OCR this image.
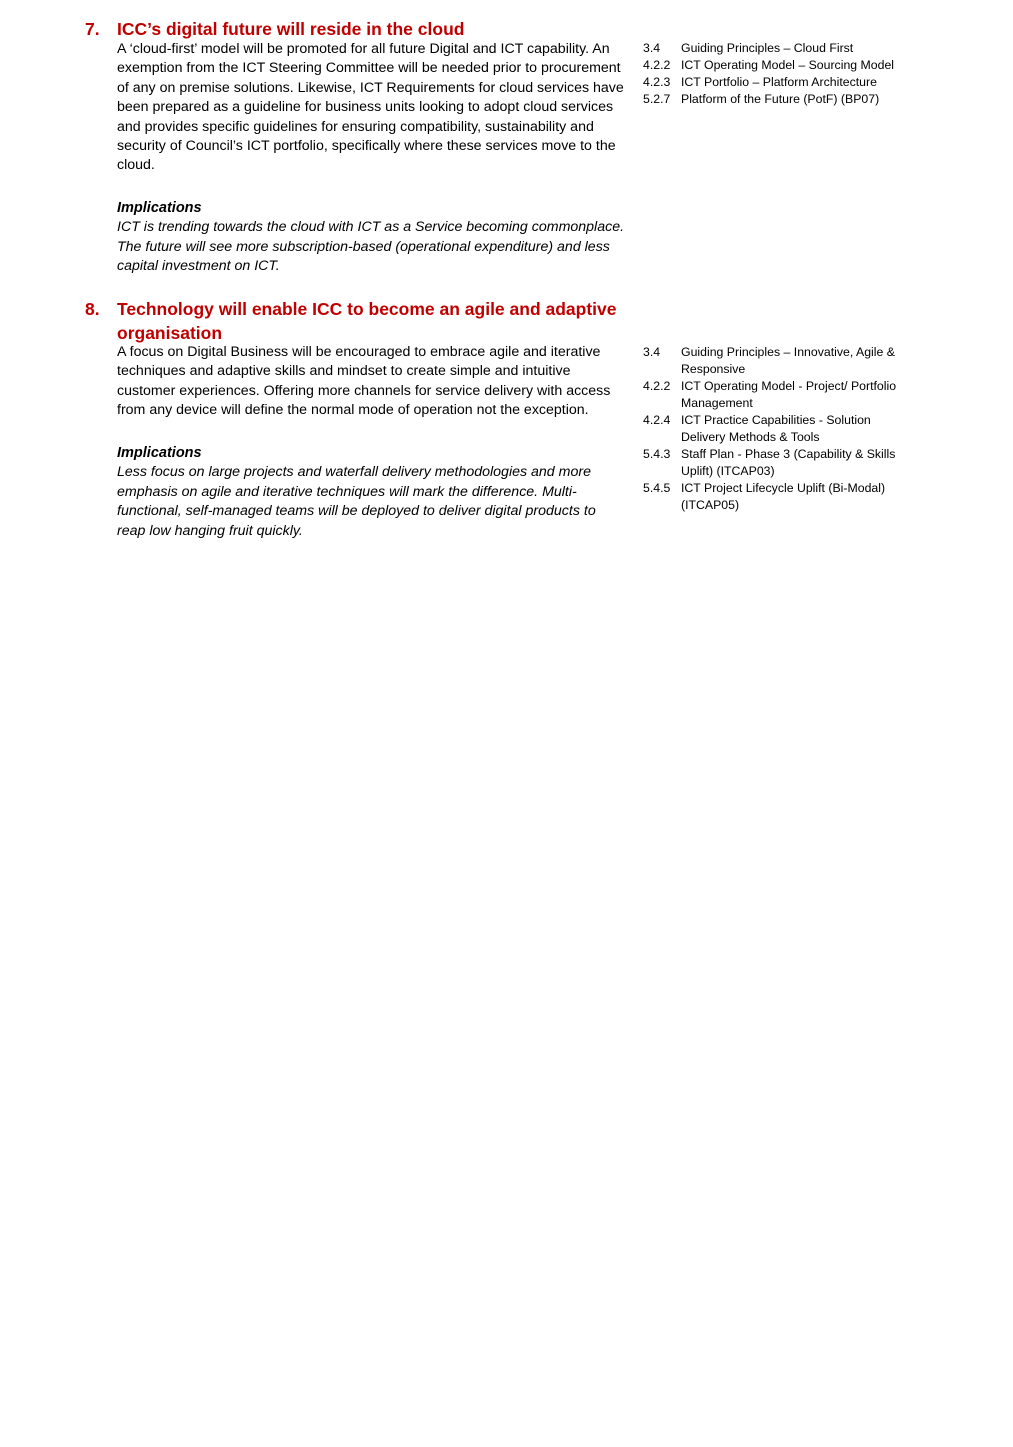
7. ICC’s digital future will reside in the cloud
A ‘cloud-first’ model will be promoted for all future Digital and ICT capability. An exemption from the ICT Steering Committee will be needed prior to procurement of any on premise solutions. Likewise, ICT Requirements for cloud services have been prepared as a guideline for business units looking to adopt cloud services and provides specific guidelines for ensuring compatibility, sustainability and security of Council’s ICT portfolio, specifically where these services move to the cloud.
Implications
ICT is trending towards the cloud with ICT as a Service becoming commonplace. The future will see more subscription-based (operational expenditure) and less capital investment on ICT.
3.4	Guiding Principles – Cloud First
4.2.2 ICT Operating Model – Sourcing Model
4.2.3 ICT Portfolio – Platform Architecture
5.2.7 Platform of the Future (PotF) (BP07)
8. Technology will enable ICC to become an agile and adaptive organisation
A focus on Digital Business will be encouraged to embrace agile and iterative techniques and adaptive skills and mindset to create simple and intuitive customer experiences. Offering more channels for service delivery with access from any device will define the normal mode of operation not the exception.
Implications
Less focus on large projects and waterfall delivery methodologies and more emphasis on agile and iterative techniques will mark the difference. Multi-functional, self-managed teams will be deployed to deliver digital products to reap low hanging fruit quickly.
3.4	Guiding Principles – Innovative, Agile & Responsive
4.2.2 ICT Operating Model - Project/ Portfolio Management
4.2.4 ICT Practice Capabilities - Solution Delivery Methods & Tools
5.4.3 Staff Plan - Phase 3 (Capability & Skills Uplift) (ITCAP03)
5.4.5 ICT Project Lifecycle Uplift (Bi-Modal) (ITCAP05)
